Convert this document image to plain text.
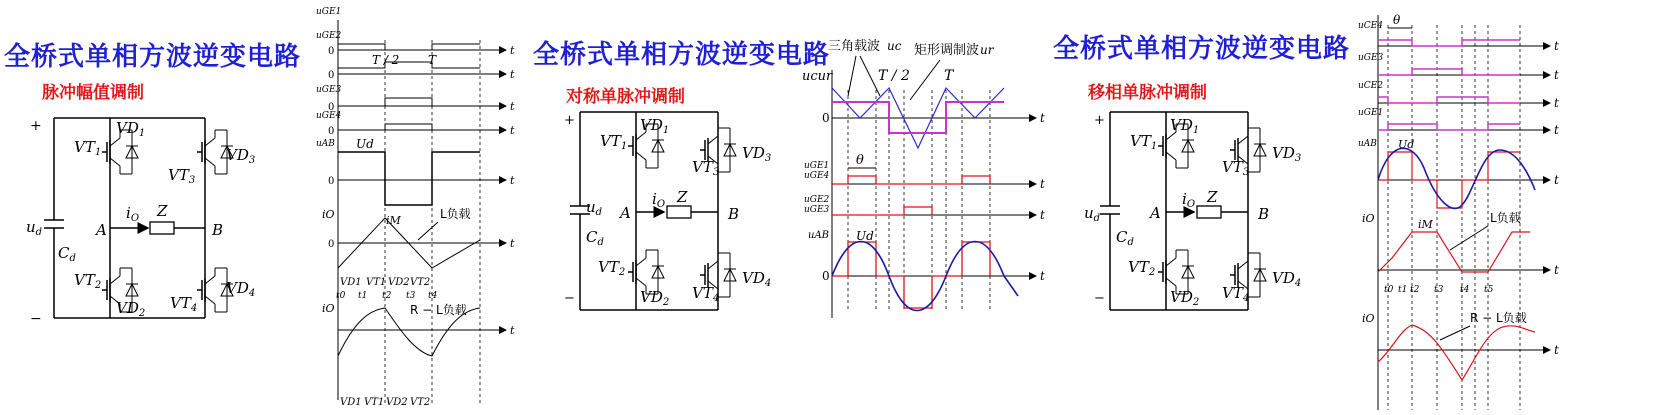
全桥式单相方波逆变电路
脉冲幅值调制
全桥式单相方波逆变电路
对称单脉冲调制
全桥式单相方波逆变电路
移相单脉冲调制
+
−
$u_d$
$C_d$
A	B
Z
$i_O$
$VT_1$
$VD_1$
$VT_2$
$VD_2$
$VT_3$
$VD_3$
$VT_4$
$VD_4$
uGE1
uGE2
uGE3
uGE4
uAB
iO
iO
T / 2 T
Ud
iM	L负载
R − L负载
VD1 VT1 VD2 VT2
t0 t1 t2 t3 t4
VD1 VT1 VD2 VT2
$u_d$
$C_d$
A	B
Z
$i_O$
+
−
$VT_1$
$VD_1$
$VT_2$
$VD_2$
$VT_3$
$VD_3$
$VT_4$
$VD_4$
三角载波 uc 矩形调制波 ur
ucur	T / 2 T
0	t
θ
uGE1
uGE4
uGE2
uGE3
uAB Ud
0
t
t
t
$u_d$
$C_d$
A	B
Z
$i_O$
+
−
$VT_1$
$VD_1$
$VT_2$
$VD_2$
$VT_3$
$VD_3$
$VT_4$
$VD_4$
uCE4
uGE3
uCE2
uGE1
uAB
iO
iO
θ
Ud
iM	L负载
R − L负载
t0 t1 t2 t3 t4 t5
t
t
t
t
t
t
t
0
0
0
0
0
0
t
t
t
t
t
t
t
